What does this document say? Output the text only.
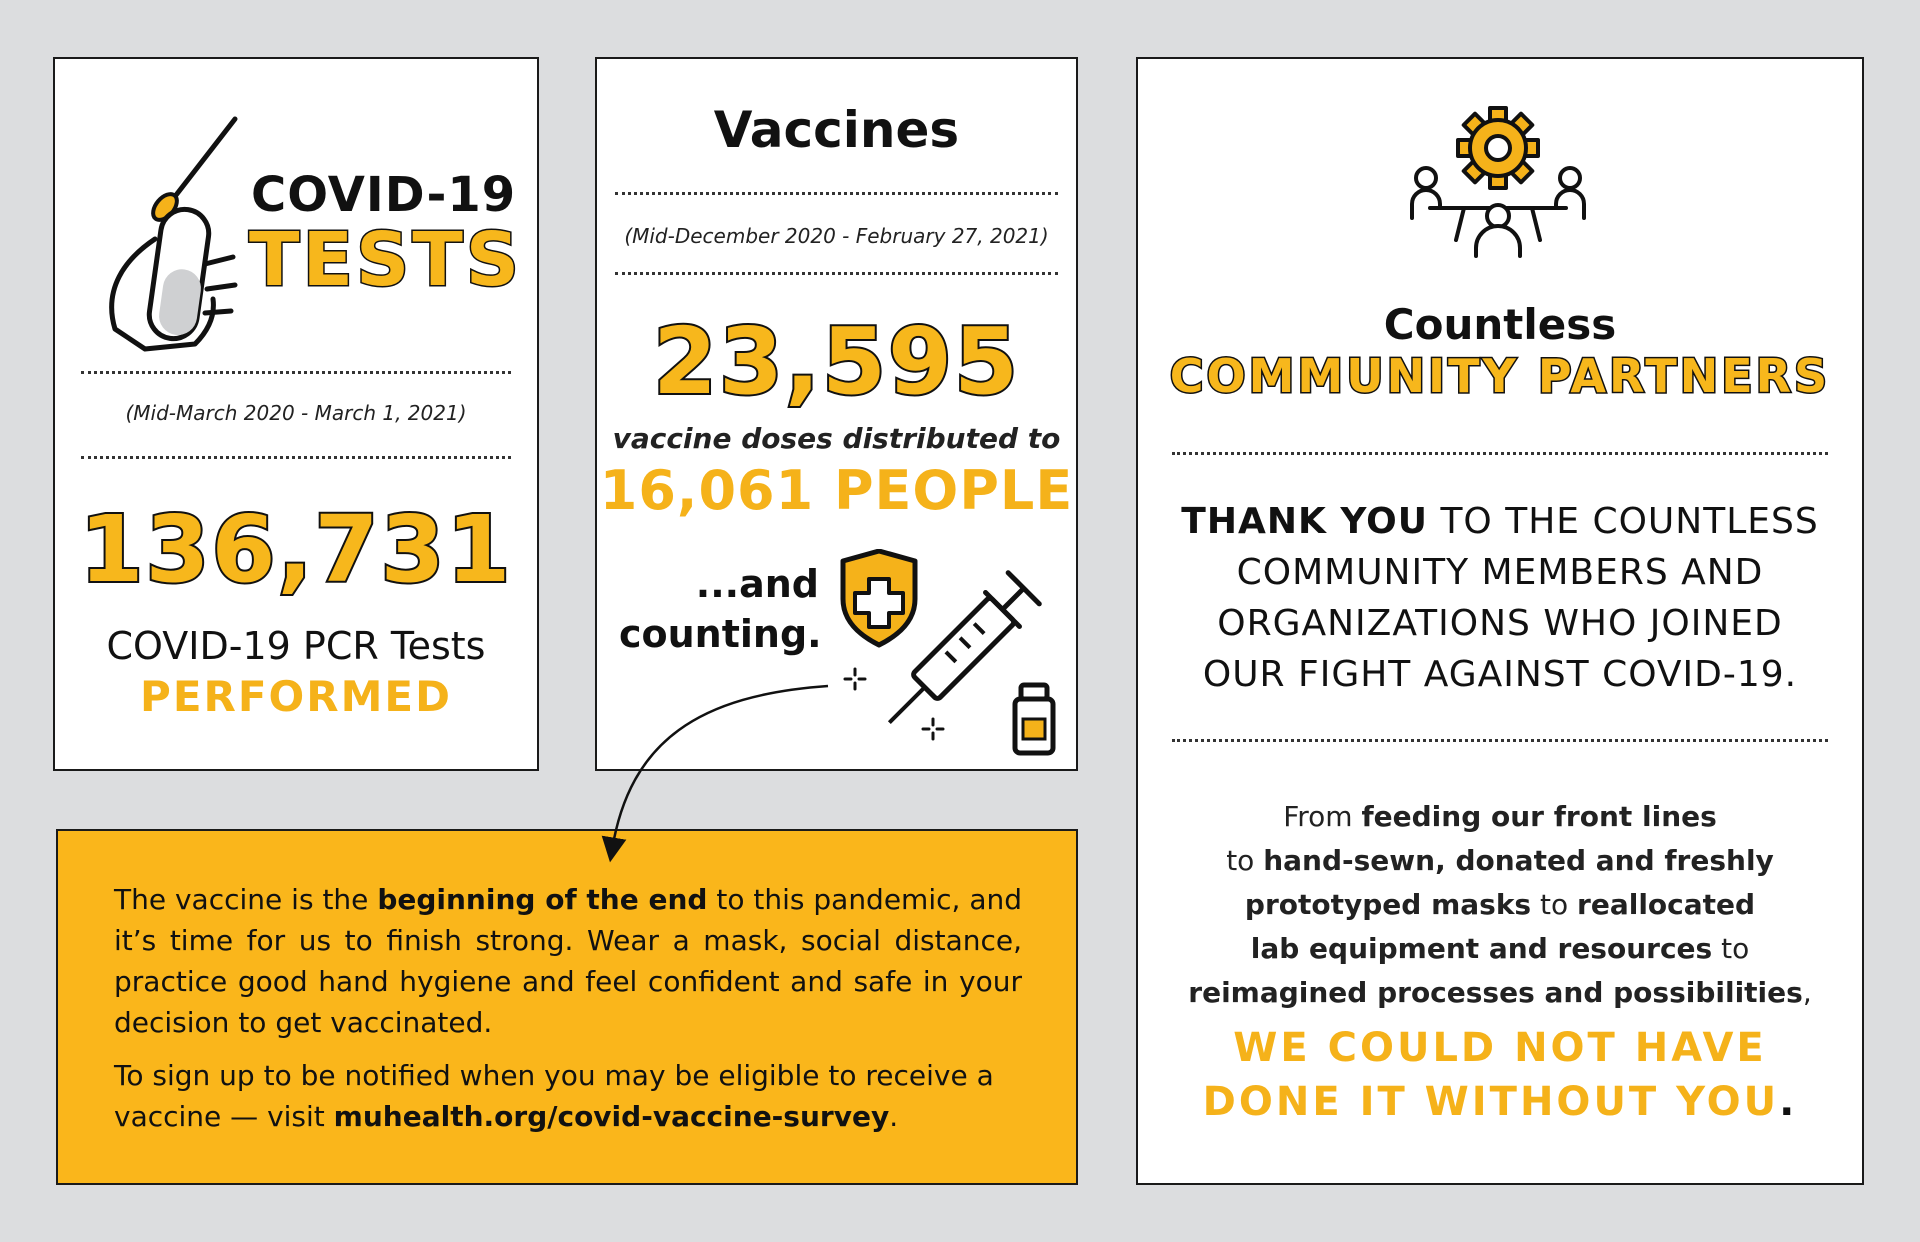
COVID-19
TESTS
(Mid-March 2020 - March 1, 2021)
136,731
COVID-19 PCR Tests
PERFORMED
Vaccines
(Mid-December 2020 - February 27, 2021)
23,595
vaccine doses distributed to
16,061 PEOPLE
...and
counting.
The vaccine is the beginning of the end to this pandemic, and it’s time for us to finish strong. Wear a mask, social distance, practice good hand hygiene and feel confident and safe in your decision to get vaccinated.
To sign up to be notified when you may be eligible to receive a vaccine — visit muhealth.org/covid-vaccine-survey.
Countless
COMMUNITY PARTNERS
THANK YOU TO THE COUNTLESS
COMMUNITY MEMBERS AND
ORGANIZATIONS WHO JOINED
OUR FIGHT AGAINST COVID-19.
From feeding our front lines
to hand-sewn, donated and freshly
prototyped masks to reallocated
lab equipment and resources to
reimagined processes and possibilities,
WE COULD NOT HAVE
DONE IT WITHOUT YOU.
